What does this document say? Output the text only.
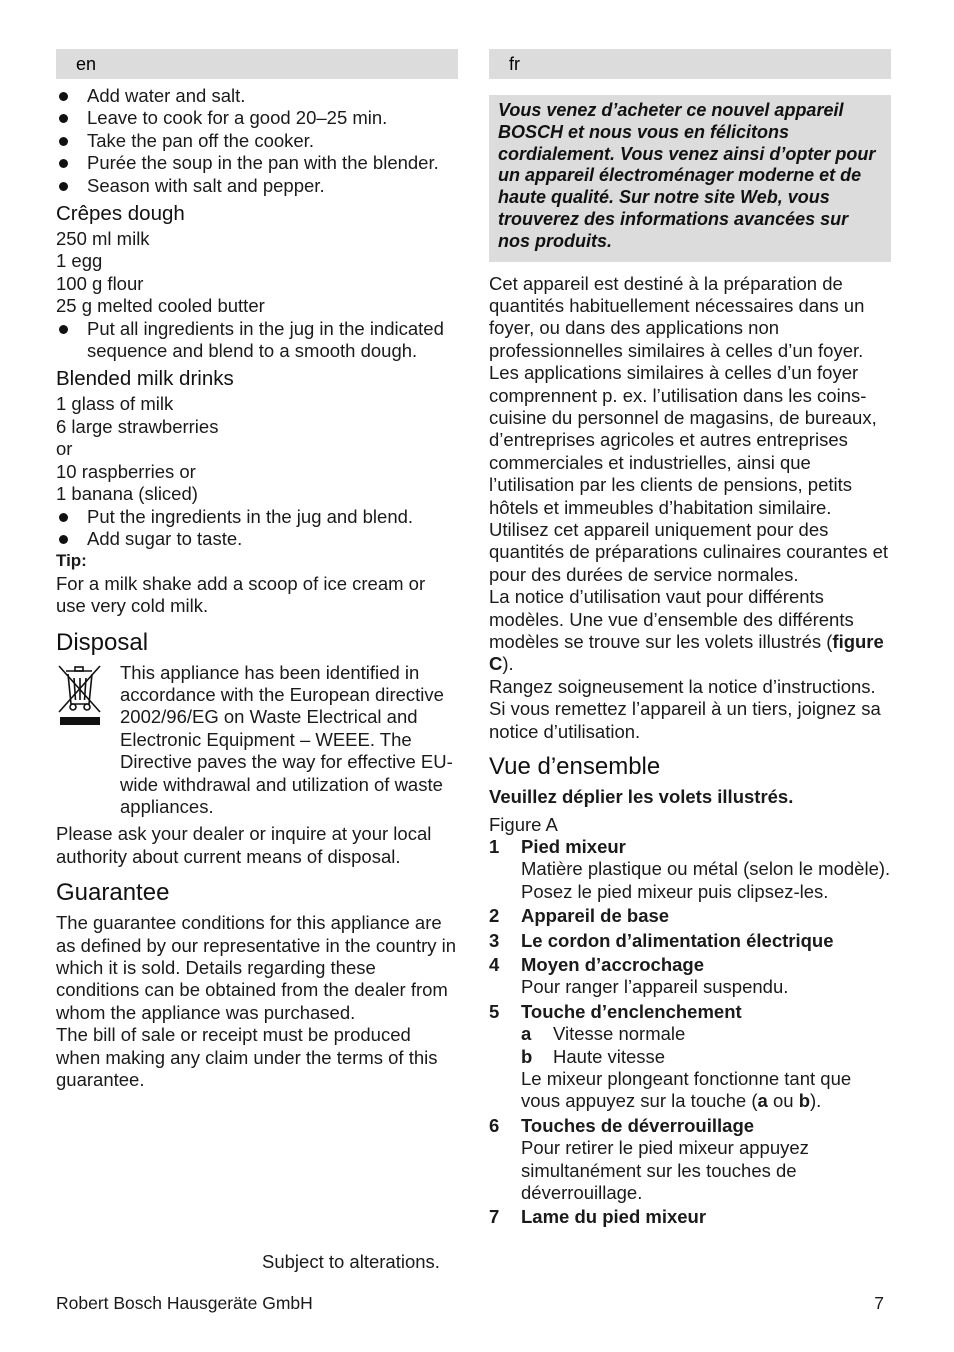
en
Add water and salt.
Leave to cook for a good 20–25 min.
Take the pan off the cooker.
Purée the soup in the pan with the blender.
Season with salt and pepper.
Crêpes dough

250 ml milk

1 egg

100 g flour

25 g melted cooled butter

Put all ingredients in the jug in the indicated sequence and blend to a smooth dough.
Blended milk drinks

1 glass of milk

6 large strawberries

or

10 raspberries or

1 banana (sliced)

Put the ingredients in the jug and blend.
Add sugar to taste.

Tip:

For a milk shake add a scoop of ice cream or use very cold milk.

Disposal

This appliance has been identified in accordance with the European directive 2002/96/EG on Waste Electrical and Electronic Equipment – WEEE. The Directive paves the way for effective EU-wide withdrawal and utilization of waste appliances.

Please ask your dealer or inquire at your local authority about current means of disposal.

Guarantee

The guarantee conditions for this appliance are as defined by our representative in the country in which it is sold. Details regarding these conditions can be obtained from the dealer from whom the appliance was purchased.

The bill of sale or receipt must be produced when making any claim under the terms of this guarantee.

Subject to alterations.
fr
Vous venez d’acheter ce nouvel appareil BOSCH et nous vous en félicitons cordialement. Vous venez ainsi d’opter pour un appareil électroménager moderne et de haute qualité. Sur notre site Web, vous trouverez des informations avancées sur nos produits.

Cet appareil est destiné à la préparation de quantités habituellement nécessaires dans un foyer, ou dans des applications non professionnelles similaires à celles d’un foyer. Les applications similaires à celles d’un foyer comprennent p. ex. l’utilisation dans les coins-cuisine du personnel de magasins, de bureaux, d’entreprises agricoles et autres entreprises commerciales et industrielles, ainsi que l’utilisation par les clients de pensions, petits hôtels et immeubles d’habitation similaire.

Utilisez cet appareil uniquement pour des quantités de préparations culinaires courantes et pour des durées de service normales.

La notice d’utilisation vaut pour différents modèles. Une vue d’ensemble des différents modèles se trouve sur les volets illustrés (figure C).

Rangez soigneusement la notice d’instructions. Si vous remettez l’appareil à un tiers, joignez sa notice d’utilisation.

Vue d’ensemble

Veuillez déplier les volets illustrés.

Figure A

1	Pied mixeur
Matière plastique ou métal (selon le modèle). Posez le pied mixeur puis clipsez-les.
2	Appareil de base
3	Le cordon d’alimentation électrique
4	Moyen d’accrochage
Pour ranger l’appareil suspendu.
5	Touche d’enclenchement
a	Vitesse normale
b	Haute vitesse
Le mixeur plongeant fonctionne tant que vous appuyez sur la touche (a ou b).
6	Touches de déverrouillage
Pour retirer le pied mixeur appuyez simultanément sur les touches de déverrouillage.
7	Lame du pied mixeur
Robert Bosch Hausgeräte GmbH	7
